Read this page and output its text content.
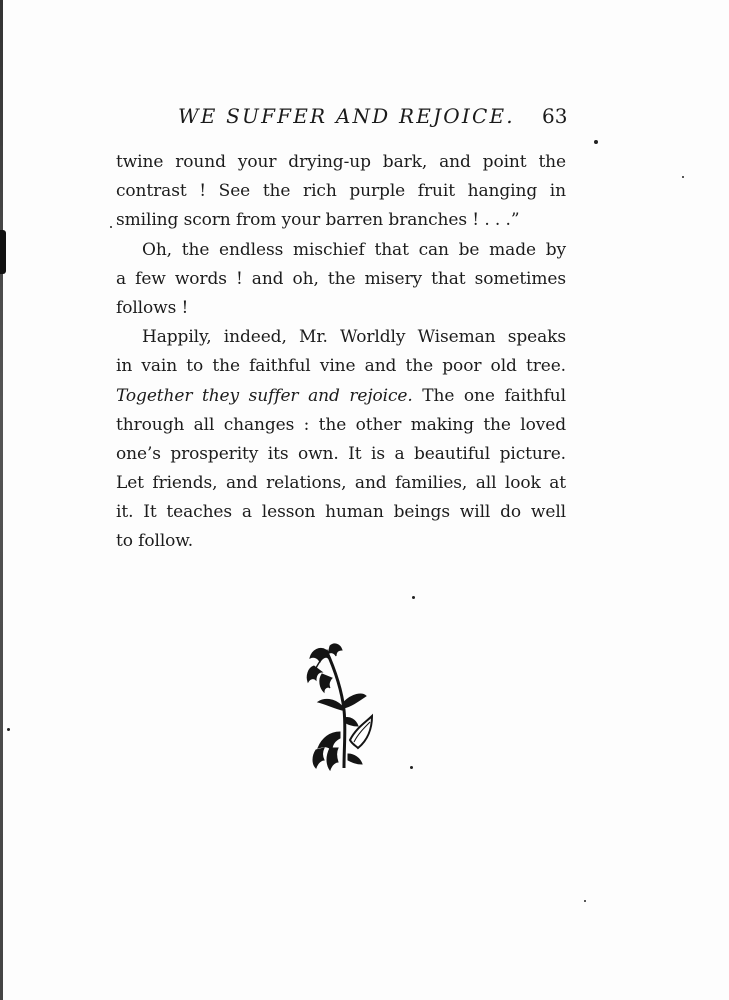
WE SUFFER AND REJOICE. 63
twine round your drying-up bark, and point the
contrast ! See the rich purple fruit hanging in
smiling scorn from your barren branches ! . . .”
Oh, the endless mischief that can be made by
a few words ! and oh, the misery that sometimes
follows !
Happily, indeed, Mr. Worldly Wiseman speaks
in vain to the faithful vine and the poor old tree.
Together they suffer and rejoice. The one faithful
through all changes : the other making the loved
one’s prosperity its own. It is a beautiful picture.
Let friends, and relations, and families, all look at
it. It teaches a lesson human beings will do well
to follow.
